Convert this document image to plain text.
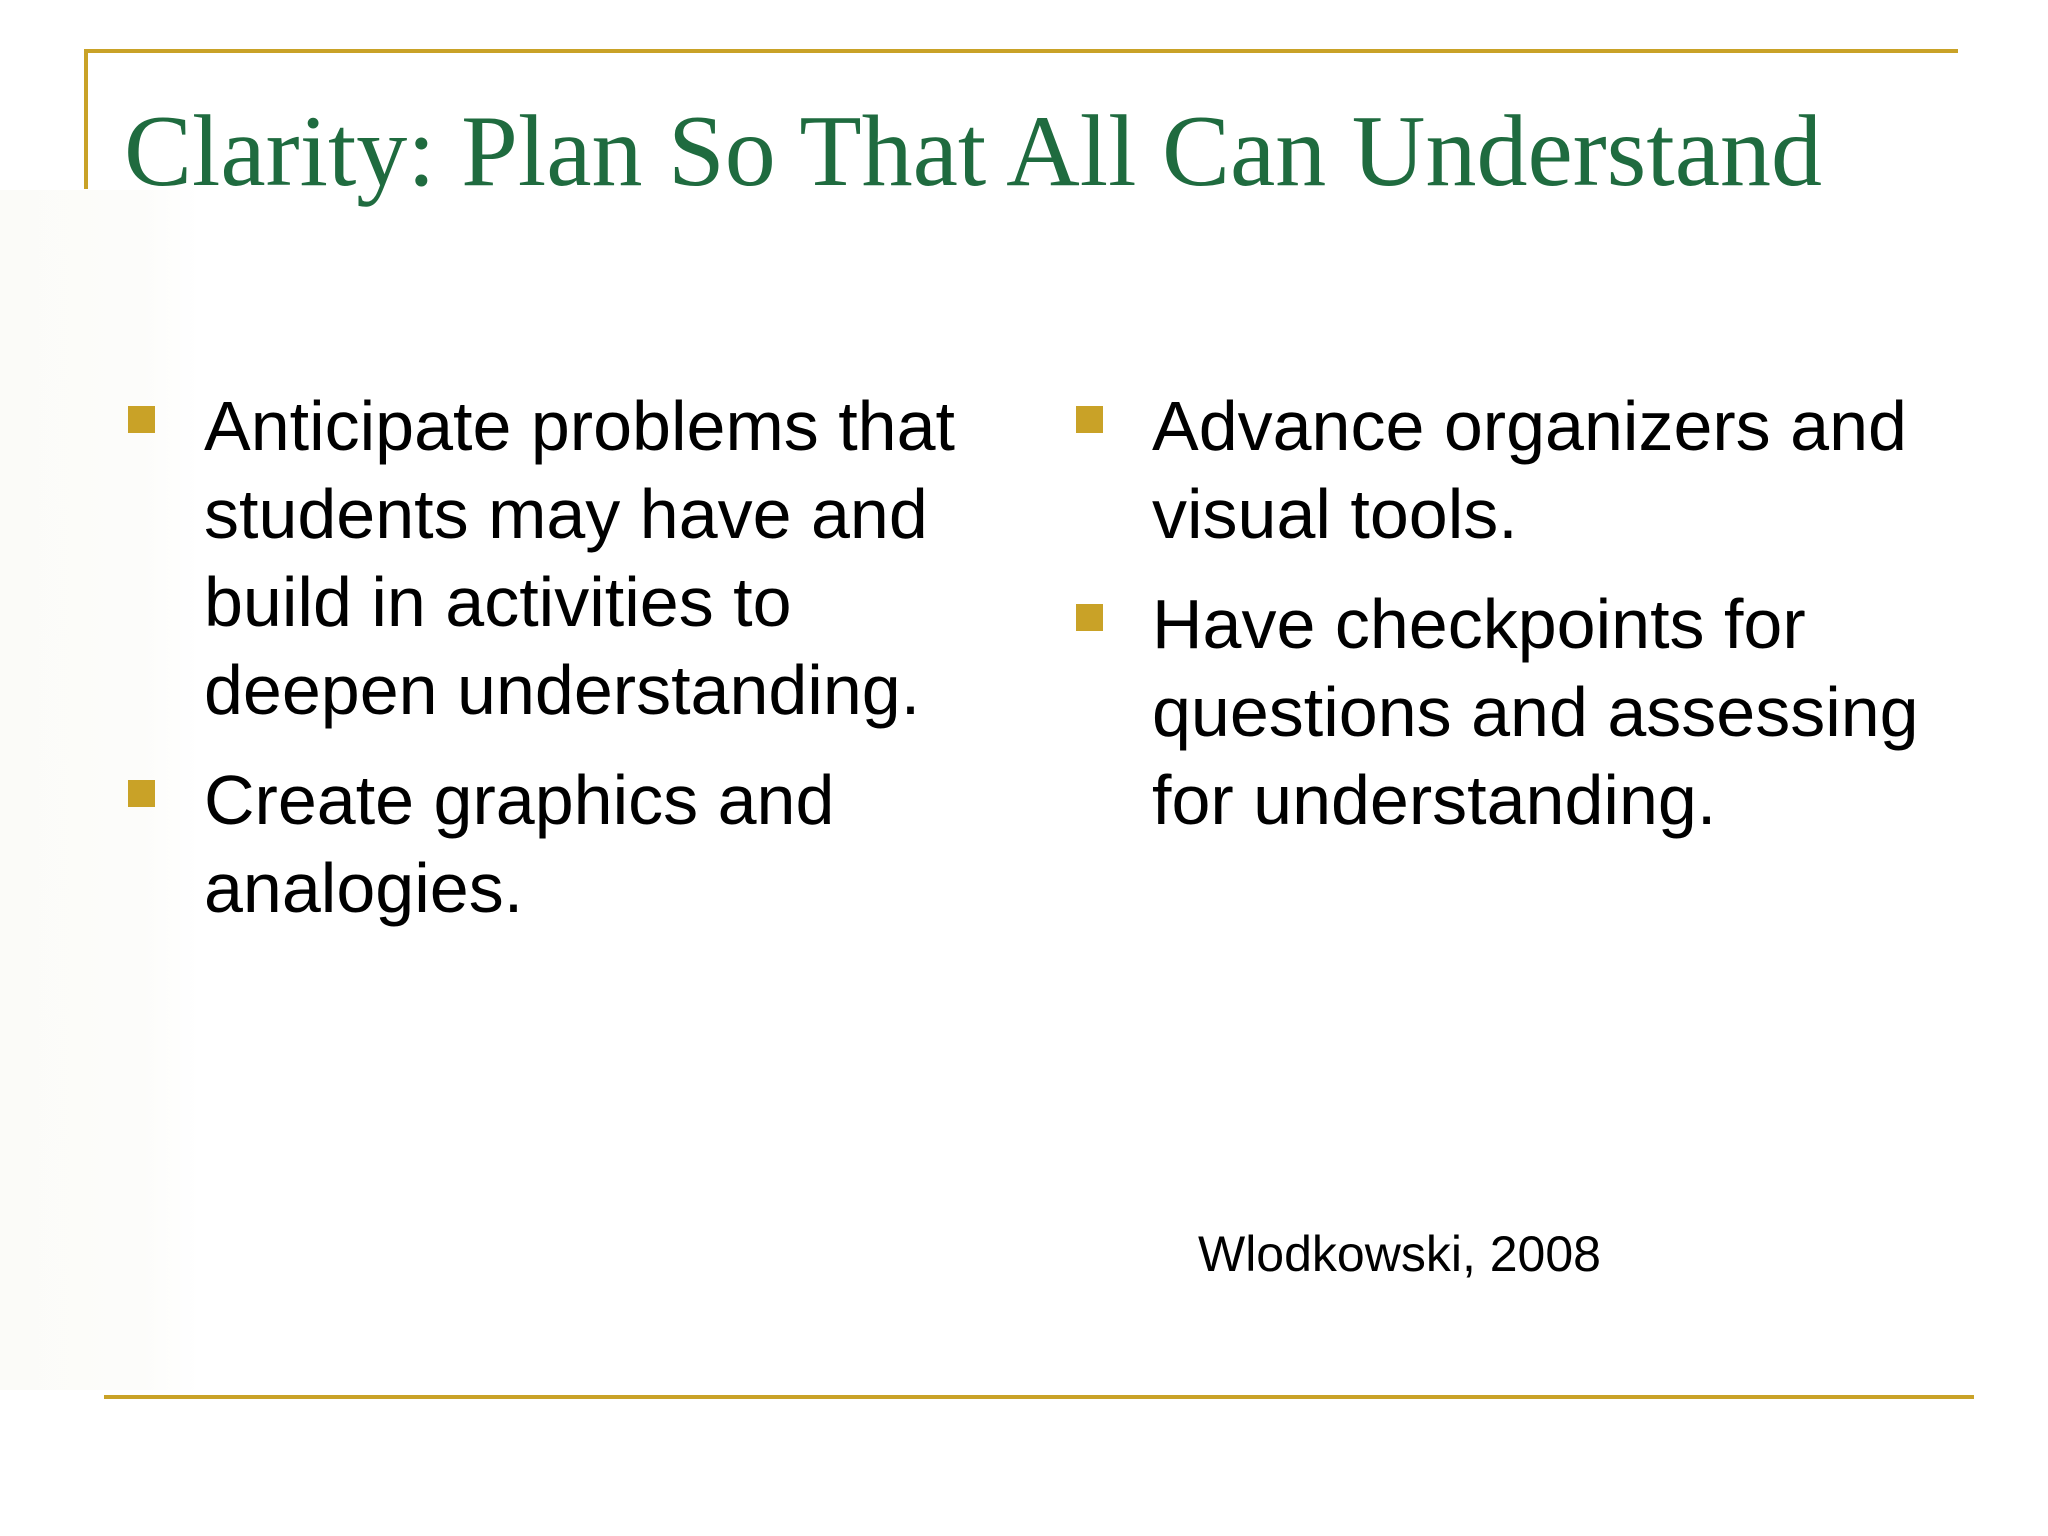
Clarity: Plan So That All Can Understand
Anticipate problems that students may have and build in activities to deepen understanding.
Create graphics and analogies.
Advance organizers and visual tools.
Have checkpoints for questions and assessing for understanding.
Wlodkowski, 2008
